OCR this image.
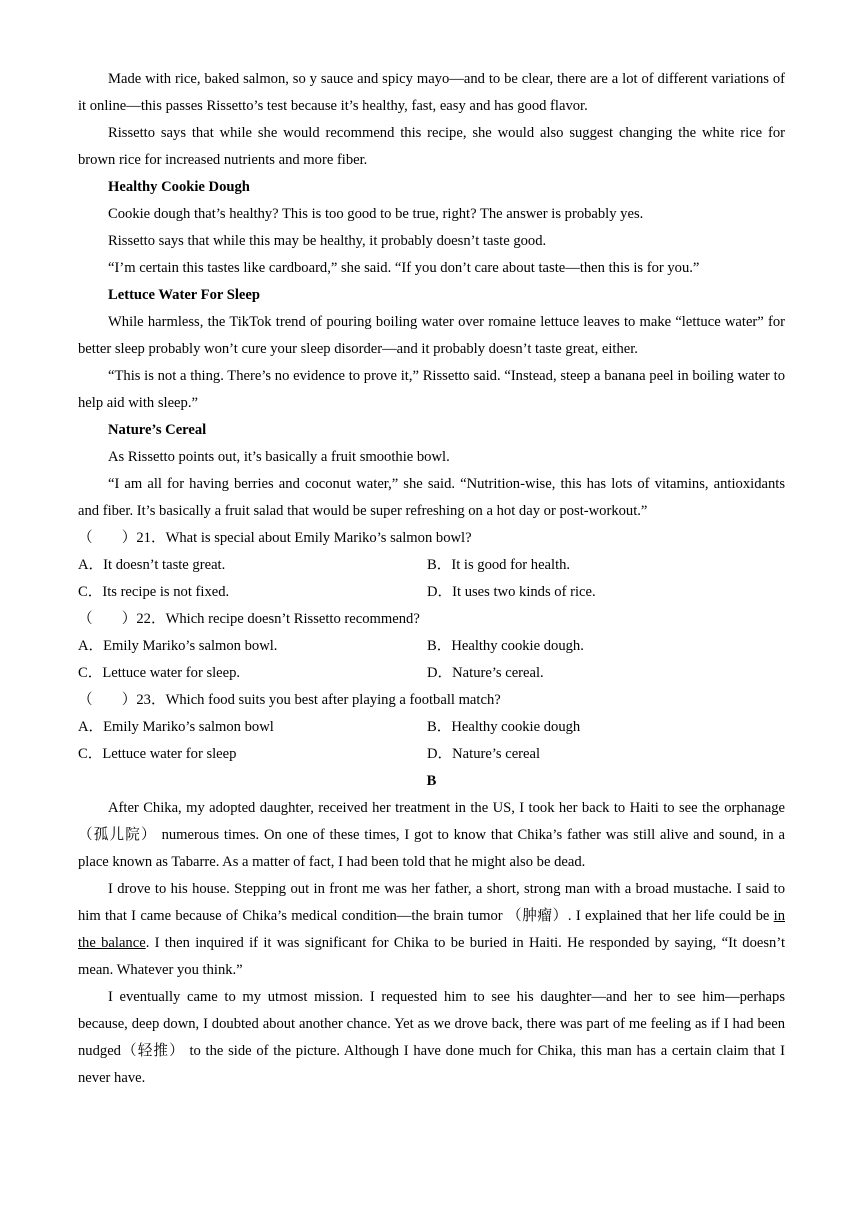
Made with rice, baked salmon, so y sauce and spicy mayo—and to be clear, there are a lot of different variations of it online—this passes Rissetto’s test because it’s healthy, fast, easy and has good flavor.

Rissetto says that while she would recommend this recipe, she would also suggest changing the white rice for brown rice for increased nutrients and more fiber.

Healthy Cookie Dough

Cookie dough that’s healthy? This is too good to be true, right? The answer is probably yes.

Rissetto says that while this may be healthy, it probably doesn’t taste good.

“I’m certain this tastes like cardboard,” she said. “If you don’t care about taste—then this is for you.”

Lettuce Water For Sleep

While harmless, the TikTok trend of pouring boiling water over romaine lettuce leaves to make “lettuce water” for better sleep probably won’t cure your sleep disorder—and it probably doesn’t taste great, either.

“This is not a thing. There’s no evidence to prove it,” Rissetto said. “Instead, steep a banana peel in boiling water to help aid with sleep.”

Nature’s Cereal

As Rissetto points out, it’s basically a fruit smoothie bowl.

“I am all for having berries and coconut water,” she said. “Nutrition-wise, this has lots of vitamins, antioxidants and fiber. It’s basically a fruit salad that would be super refreshing on a hot day or post-workout.”

（　　）21．What is special about Emily Mariko’s salmon bowl?

A．It doesn’t taste great.	B．It is good for health.
C．Its recipe is not fixed.	D．It uses two kinds of rice.

（　　）22．Which recipe doesn’t Rissetto recommend?

A．Emily Mariko’s salmon bowl.	B．Healthy cookie dough.
C．Lettuce water for sleep.	D．Nature’s cereal.

（　　）23．Which food suits you best after playing a football match?

A．Emily Mariko’s salmon bowl	B．Healthy cookie dough
C．Lettuce water for sleep	D．Nature’s cereal

B

After Chika, my adopted daughter, received her treatment in the US, I took her back to Haiti to see the orphanage （孤儿院） numerous times. On one of these times, I got to know that Chika’s father was still alive and sound, in a place known as Tabarre. As a matter of fact, I had been told that he might also be dead.

I drove to his house. Stepping out in front me was her father, a short, strong man with a broad mustache. I said to him that I came because of Chika’s medical condition—the brain tumor （肿瘤）. I explained that her life could be in the balance. I then inquired if it was significant for Chika to be buried in Haiti. He responded by saying, “It doesn’t mean. Whatever you think.”

I eventually came to my utmost mission. I requested him to see his daughter—and her to see him—perhaps because, deep down, I doubted about another chance. Yet as we drove back, there was part of me feeling as if I had been nudged（轻推） to the side of the picture. Although I have done much for Chika, this man has a certain claim that I never have.
